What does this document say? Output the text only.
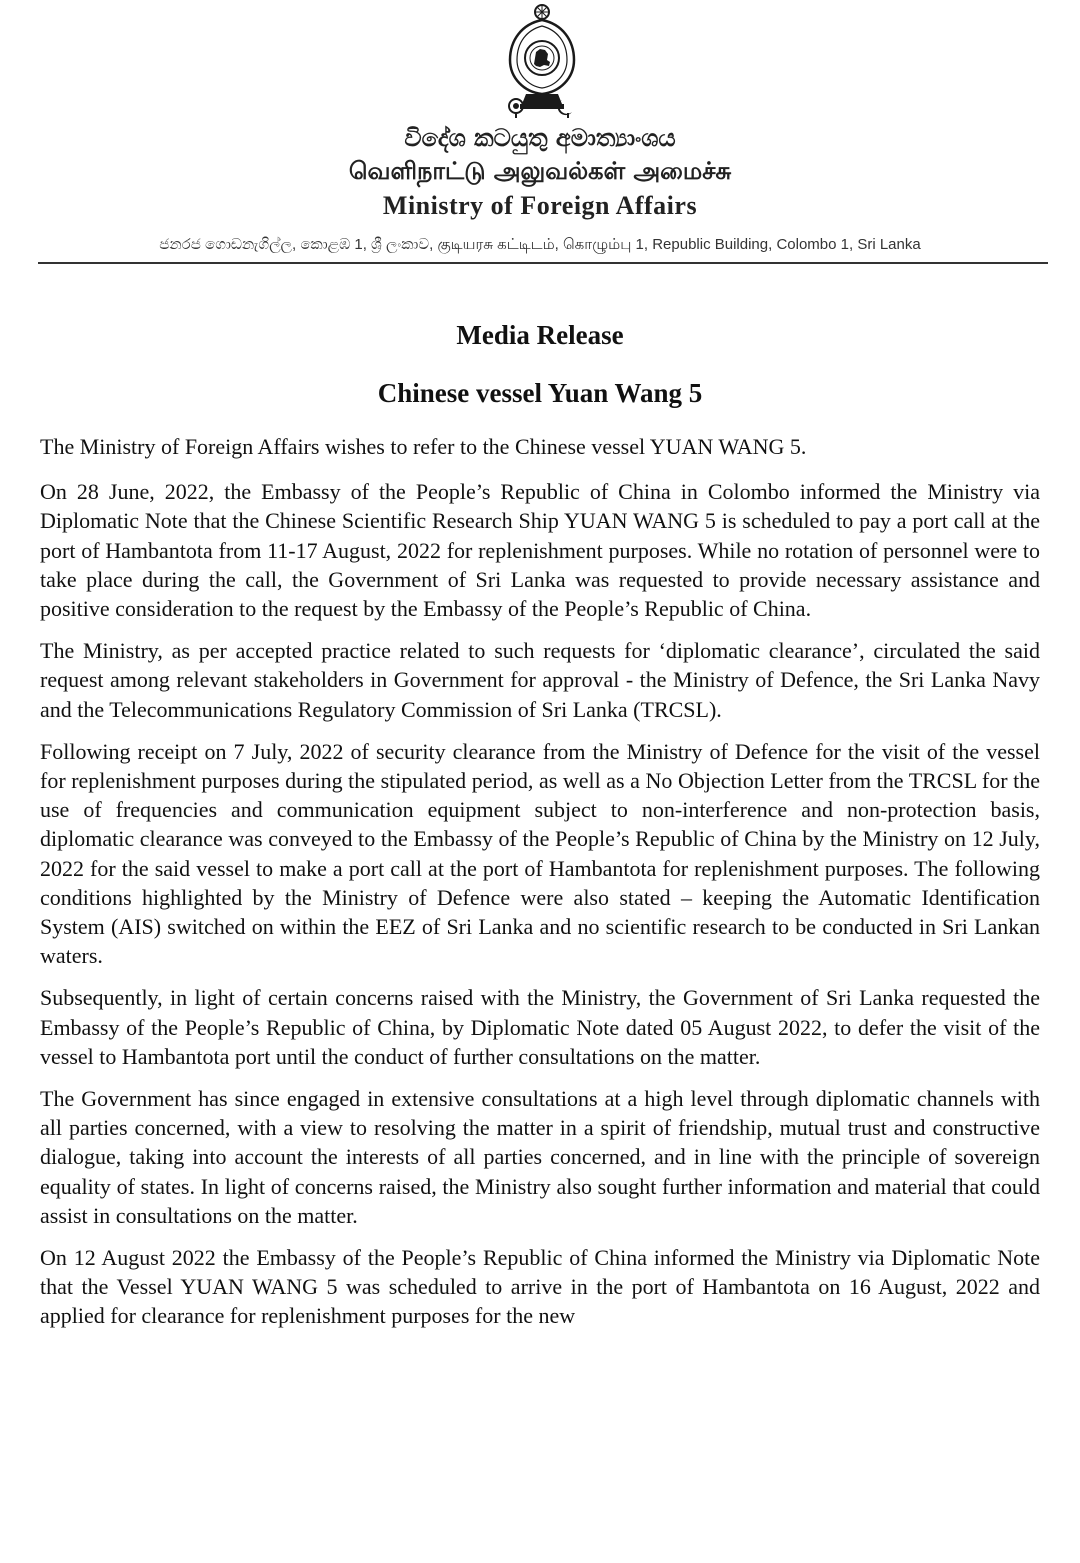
විදේශ කටයුතු අමාත්‍යාංශය
வெளிநாட்டு அலுவல்கள் அமைச்சு
Ministry of Foreign Affairs
ජනරජ ගොඩනැගිල්ල, කොළඹ 1, ශ්‍රී ලංකාව, குடியரசு கட்டிடம், கொழும்பு 1, Republic Building, Colombo 1, Sri Lanka
Media Release
Chinese vessel Yuan Wang 5

The Ministry of Foreign Affairs wishes to refer to the Chinese vessel YUAN WANG 5.

On 28 June, 2022, the Embassy of the People’s Republic of China in Colombo informed the Ministry via Diplomatic Note that the Chinese Scientific Research Ship YUAN WANG 5 is scheduled to pay a port call at the port of Hambantota from 11-17 August, 2022 for replenishment purposes. While no rotation of personnel were to take place during the call, the Government of Sri Lanka was requested to provide necessary assistance and positive consideration to the request by the Embassy of the People’s Republic of China.

The Ministry, as per accepted practice related to such requests for ‘diplomatic clearance’, circulated the said request among relevant stakeholders in Government for approval - the Ministry of Defence, the Sri Lanka Navy and the Telecommunications Regulatory Commission of Sri Lanka (TRCSL).

Following receipt on 7 July, 2022 of security clearance from the Ministry of Defence for the visit of the vessel for replenishment purposes during the stipulated period, as well as a No Objection Letter from the TRCSL for the use of frequencies and communication equipment subject to non-interference and non-protection basis, diplomatic clearance was conveyed to the Embassy of the People’s Republic of China by the Ministry on 12 July, 2022 for the said vessel to make a port call at the port of Hambantota for replenishment purposes. The following conditions highlighted by the Ministry of Defence were also stated – keeping the Automatic Identification System (AIS) switched on within the EEZ of Sri Lanka and no scientific research to be conducted in Sri Lankan waters.

Subsequently, in light of certain concerns raised with the Ministry, the Government of Sri Lanka requested the Embassy of the People’s Republic of China, by Diplomatic Note dated 05 August 2022, to defer the visit of the vessel to Hambantota port until the conduct of further consultations on the matter.

The Government has since engaged in extensive consultations at a high level through diplomatic channels with all parties concerned, with a view to resolving the matter in a spirit of friendship, mutual trust and constructive dialogue, taking into account the interests of all parties concerned, and in line with the principle of sovereign equality of states. In light of concerns raised, the Ministry also sought further information and material that could assist in consultations on the matter.

On 12 August 2022 the Embassy of the People’s Republic of China informed the Ministry via Diplomatic Note that the Vessel YUAN WANG 5 was scheduled to arrive in the port of Hambantota on 16 August, 2022 and applied for clearance for replenishment purposes for the new
